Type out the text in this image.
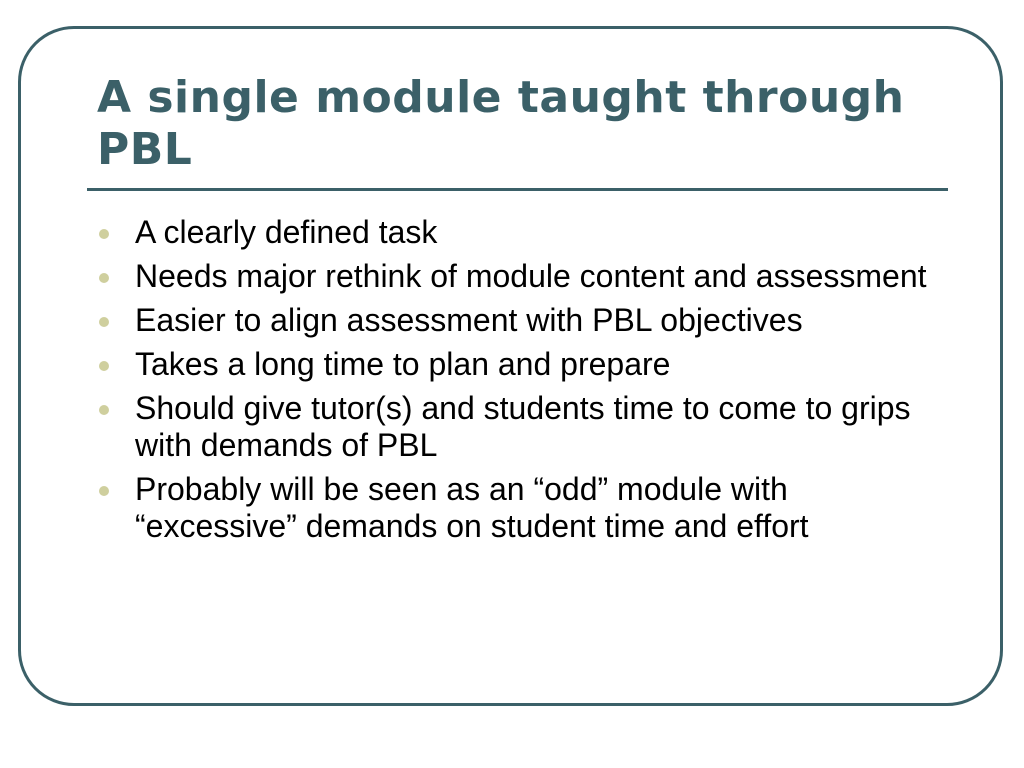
A single module taught through PBL
A clearly defined task
Needs major rethink of module content and assessment
Easier to align assessment with PBL objectives
Takes a long time to plan and prepare
Should give tutor(s) and students time to come to grips with demands of PBL
Probably will be seen as an “odd” module with “excessive” demands on student time and effort
